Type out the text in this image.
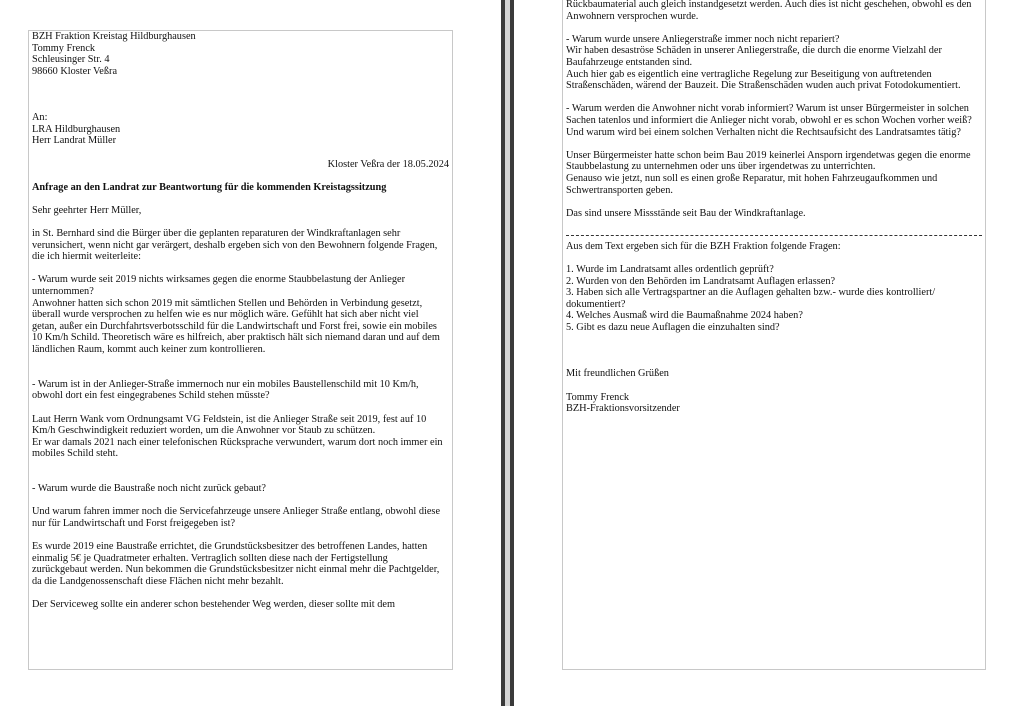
BZH Fraktion Kreistag Hildburghausen
Tommy Frenck
Schleusinger Str. 4
98660 Kloster Veßra
An:
LRA Hildburghausen
Herr Landrat Müller
Kloster Veßra der 18.05.2024
Anfrage an den Landrat zur Beantwortung für die kommenden Kreistagssitzung
Sehr geehrter Herr Müller,
in St. Bernhard sind die Bürger über die geplanten reparaturen der Windkraftanlagen sehr
verunsichert, wenn nicht gar verärgert, deshalb ergeben sich von den Bewohnern folgende Fragen,
die ich hiermit weiterleite:
- Warum wurde seit 2019 nichts wirksames gegen die enorme Staubbelastung der Anlieger
unternommen?
Anwohner hatten sich schon 2019 mit sämtlichen Stellen und Behörden in Verbindung gesetzt,
überall wurde versprochen zu helfen wie es nur möglich wäre. Gefühlt hat sich aber nicht viel
getan, außer ein Durchfahrtsverbotsschild für die Landwirtschaft und Forst frei, sowie ein mobiles
10 Km/h Schild. Theoretisch wäre es hilfreich, aber praktisch hält sich niemand daran und auf dem
ländlichen Raum, kommt auch keiner zum kontrollieren.
- Warum ist in der Anlieger-Straße immernoch nur ein mobiles Baustellenschild mit 10 Km/h,
obwohl dort ein fest eingegrabenes Schild stehen müsste?
Laut Herrn Wank vom Ordnungsamt VG Feldstein, ist die Anlieger Straße seit 2019, fest auf 10
Km/h Geschwindigkeit reduziert worden, um die Anwohner vor Staub zu schützen.
Er war damals 2021 nach einer telefonischen Rücksprache verwundert, warum dort noch immer ein
mobiles Schild steht.
- Warum wurde die Baustraße noch nicht zurück gebaut?
Und warum fahren immer noch die Servicefahrzeuge unsere Anlieger Straße entlang, obwohl diese
nur für Landwirtschaft und Forst freigegeben ist?
Es wurde 2019 eine Baustraße errichtet, die Grundstücksbesitzer des betroffenen Landes, hatten
einmalig 5€ je Quadratmeter erhalten. Vertraglich sollten diese nach der Fertigstellung
zurückgebaut werden. Nun bekommen die Grundstücksbesitzer nicht einmal mehr die Pachtgelder,
da die Landgenossenschaft diese Flächen nicht mehr bezahlt.
Der Serviceweg sollte ein anderer schon bestehender Weg werden, dieser sollte mit dem
Rückbaumaterial auch gleich instandgesetzt werden. Auch dies ist nicht geschehen, obwohl es den
Anwohnern versprochen wurde.
- Warum wurde unsere Anliegerstraße immer noch nicht repariert?
Wir haben desaströse Schäden in unserer Anliegerstraße, die durch die enorme Vielzahl der
Baufahrzeuge entstanden sind.
Auch hier gab es eigentlich eine vertragliche Regelung zur Beseitigung von auftretenden
Straßenschäden, wärend der Bauzeit. Die Straßenschäden wuden auch privat Fotodokumentiert.
- Warum werden die Anwohner nicht vorab informiert? Warum ist unser Bürgermeister in solchen
Sachen tatenlos und informiert die Anlieger nicht vorab, obwohl er es schon Wochen vorher weiß?
Und warum wird bei einem solchen Verhalten nicht die Rechtsaufsicht des Landratsamtes tätig?
Unser Bürgermeister hatte schon beim Bau 2019 keinerlei Ansporn irgendetwas gegen die enorme
Staubbelastung zu unternehmen oder uns über irgendetwas zu unterrichten.
Genauso wie jetzt, nun soll es einen große Reparatur, mit hohen Fahrzeugaufkommen und
Schwertransporten geben.
Das sind unsere Missstände seit Bau der Windkraftanlage.
Aus dem Text ergeben sich für die BZH Fraktion folgende Fragen:
1. Wurde im Landratsamt alles ordentlich geprüft?
2. Wurden von den Behörden im Landratsamt Auflagen erlassen?
3. Haben sich alle Vertragspartner an die Auflagen gehalten bzw.- wurde dies kontrolliert/
dokumentiert?
4. Welches Ausmaß wird die Baumaßnahme 2024 haben?
5. Gibt es dazu neue Auflagen die einzuhalten sind?
Mit freundlichen Grüßen
Tommy Frenck
BZH-Fraktionsvorsitzender
